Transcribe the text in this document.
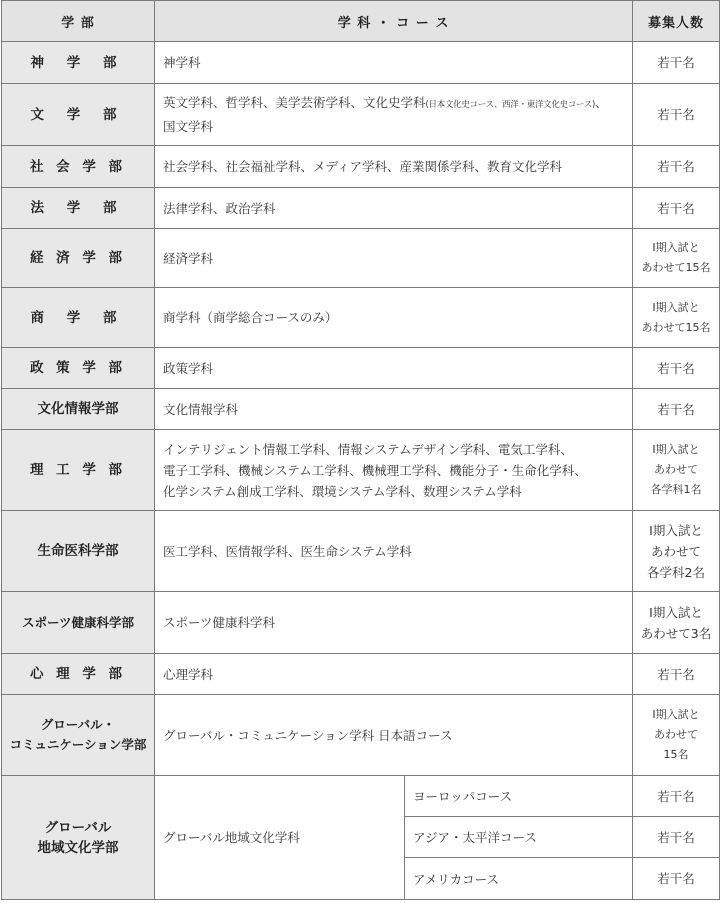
学 部	学 科 ・ コ ー ス		募集人数
神 学 部	神学科		若干名
文 学 部	英文学科、哲学科、美学芸術学科、文化史学科(日本文化史コース、西洋・東洋文化史コース)、
国文学科		若干名
社 会 学 部	社会学科、社会福祉学科、メディア学科、産業関係学科、教育文化学科		若干名
法 学 部	法律学科、政治学科		若干名
経 済 学 部	経済学科		Ⅰ期入試と
あわせて15名
商 学 部	商学科（商学総合コースのみ）		Ⅰ期入試と
あわせて15名
政 策 学 部	政策学科		若干名
文化情報学部	文化情報学科		若干名
理 工 学 部	インテリジェント情報工学科、情報システムデザイン学科、電気工学科、
電子工学科、機械システム工学科、機械理工学科、機能分子・生命化学科、
化学システム創成工学科、環境システム学科、数理システム学科		Ⅰ期入試と
あわせて
各学科1名
生命医科学部	医工学科、医情報学科、医生命システム学科		Ⅰ期入試と
あわせて
各学科2名
スポーツ健康科学部	スポーツ健康科学科		Ⅰ期入試と
あわせて3名
心 理 学 部	心理学科		若干名
グローバル・
コミュニケーション学部	グローバル・コミュニケーション学科 日本語コース		Ⅰ期入試と
あわせて
15名
グローバル
地域文化学部	グローバル地域文化学科	ヨーロッパコース	若干名
		アジア・太平洋コース	若干名
		アメリカコース	若干名
